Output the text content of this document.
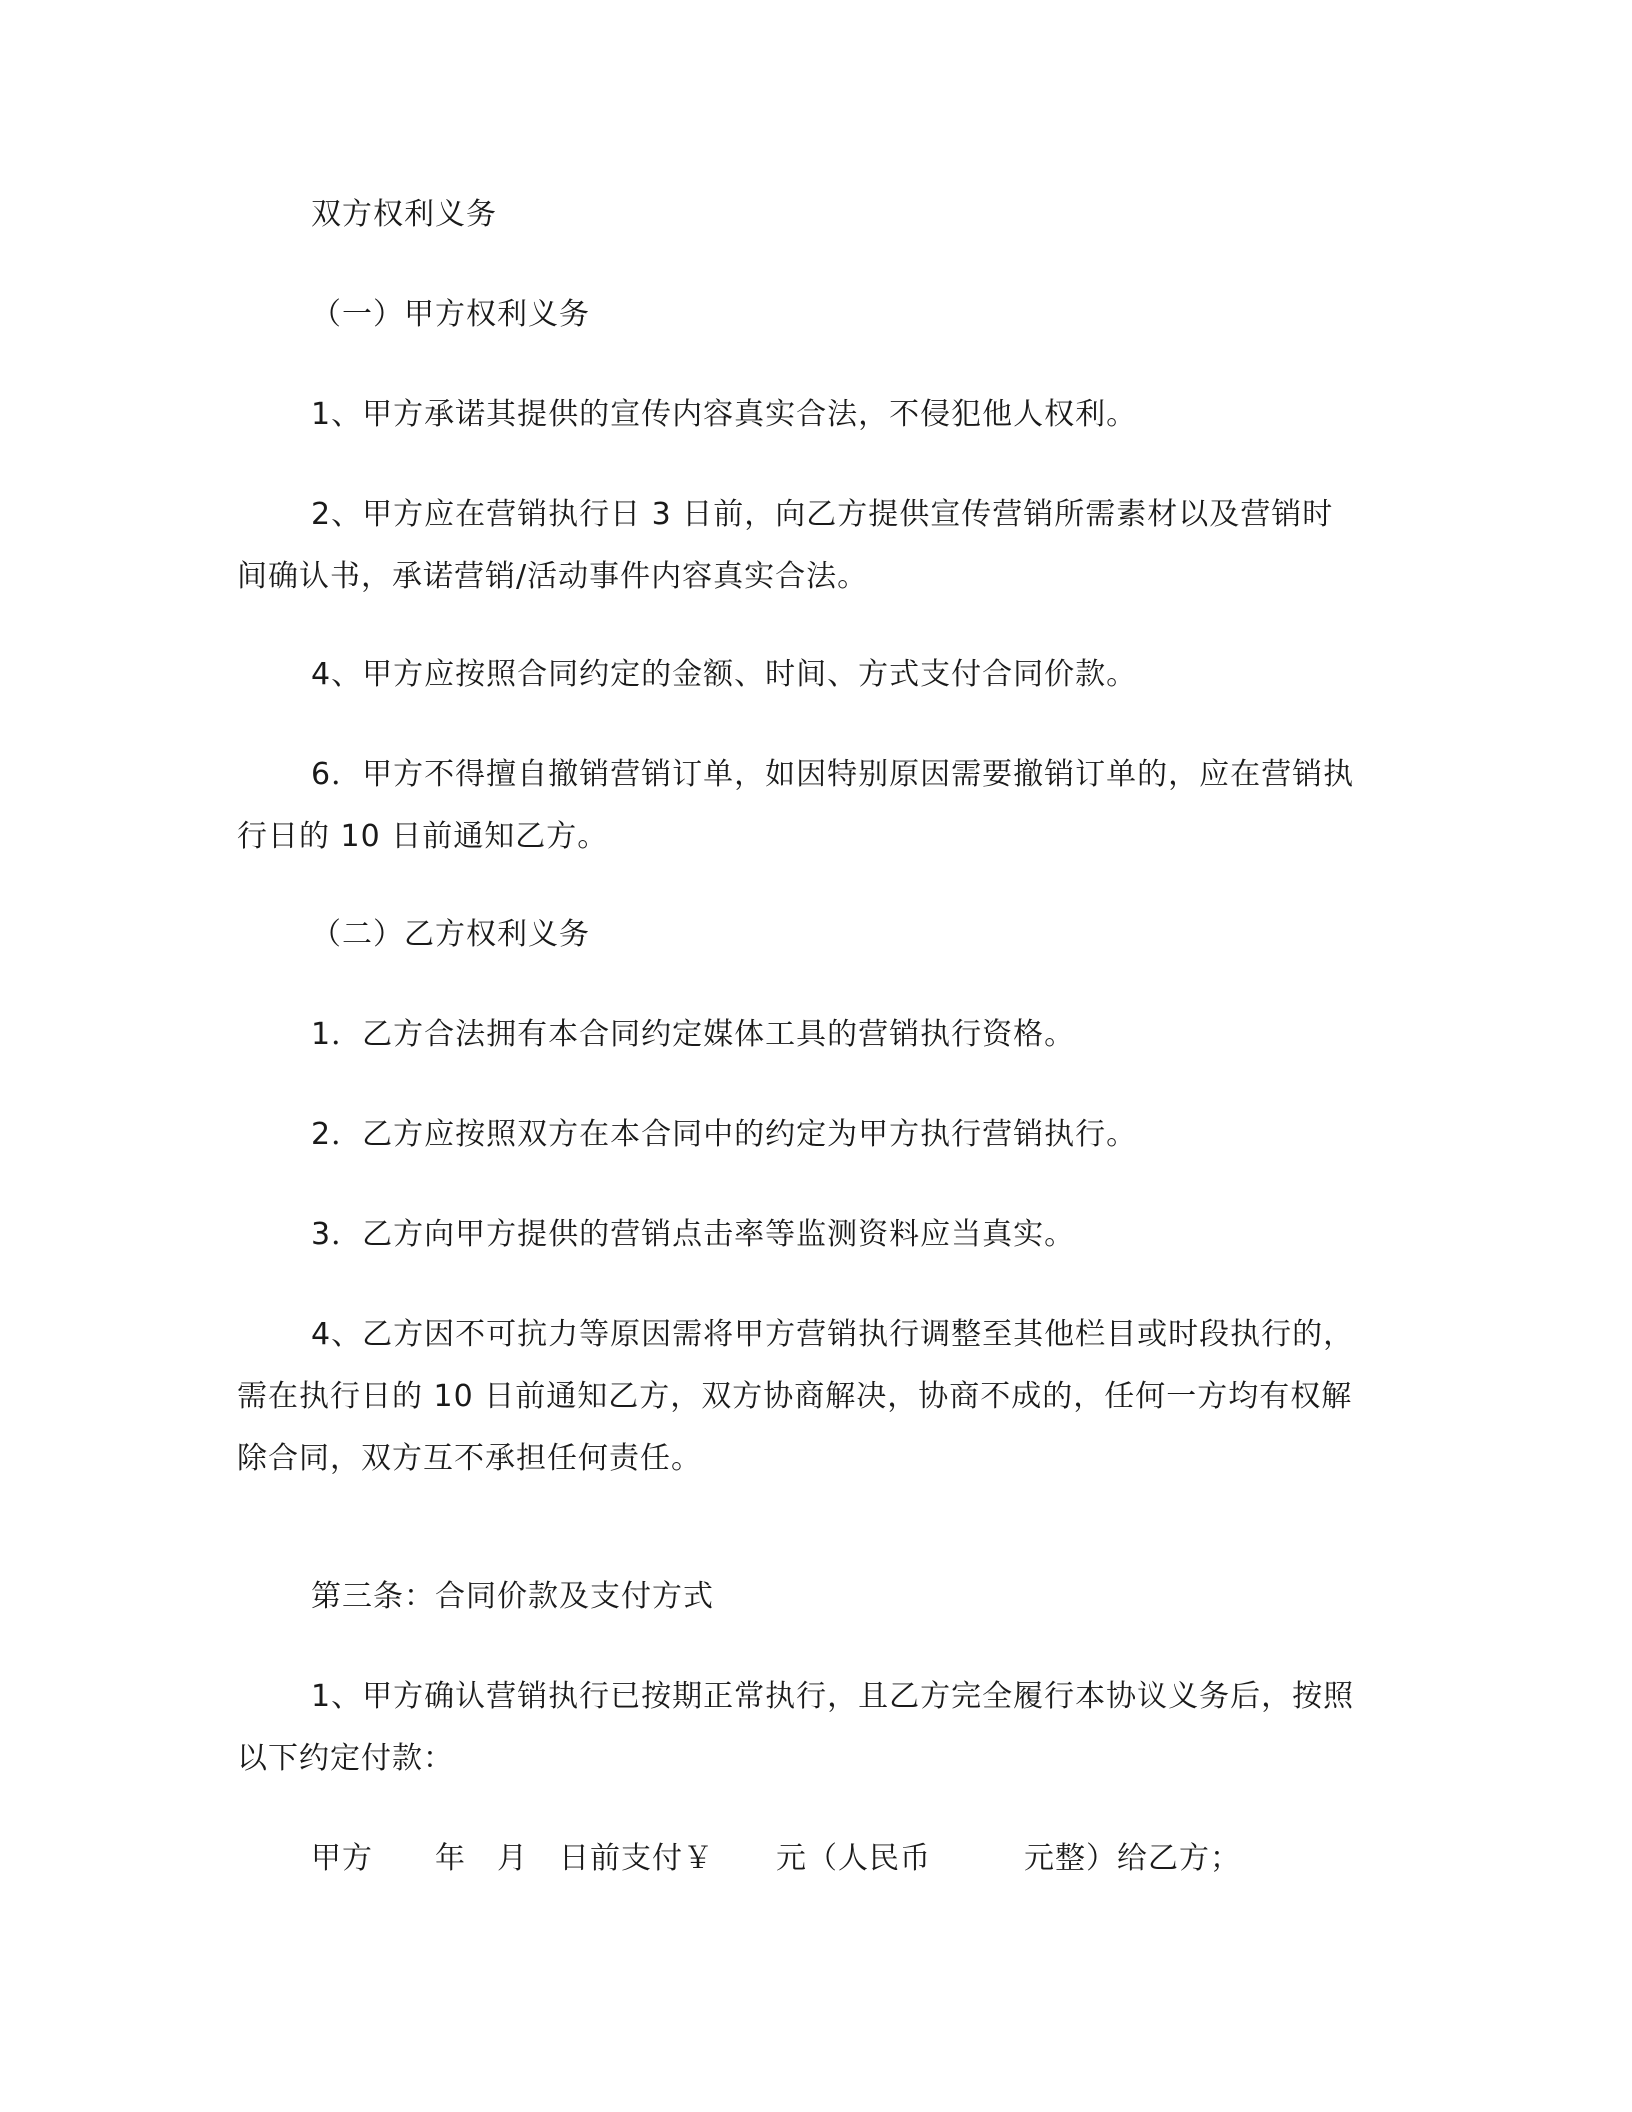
双方权利义务
（一）甲方权利义务
1、甲方承诺其提供的宣传内容真实合法，不侵犯他人权利。
2、甲方应在营销执行日 3 日前，向乙方提供宣传营销所需素材以及营销时
间确认书，承诺营销/活动事件内容真实合法。
4、甲方应按照合同约定的金额、时间、方式支付合同价款。
6．甲方不得擅自撤销营销订单，如因特别原因需要撤销订单的，应在营销执
行日的 10 日前通知乙方。
（二）乙方权利义务
1．乙方合法拥有本合同约定媒体工具的营销执行资格。
2．乙方应按照双方在本合同中的约定为甲方执行营销执行。
3．乙方向甲方提供的营销点击率等监测资料应当真实。
4、乙方因不可抗力等原因需将甲方营销执行调整至其他栏目或时段执行的，
需在执行日的 10 日前通知乙方，双方协商解决，协商不成的，任何一方均有权解
除合同，双方互不承担任何责任。
第三条：合同价款及支付方式
1、甲方确认营销执行已按期正常执行，且乙方完全履行本协议义务后，按照
以下约定付款：
甲方　　年　月　日前支付￥　　元（人民币　　　元整）给乙方；
